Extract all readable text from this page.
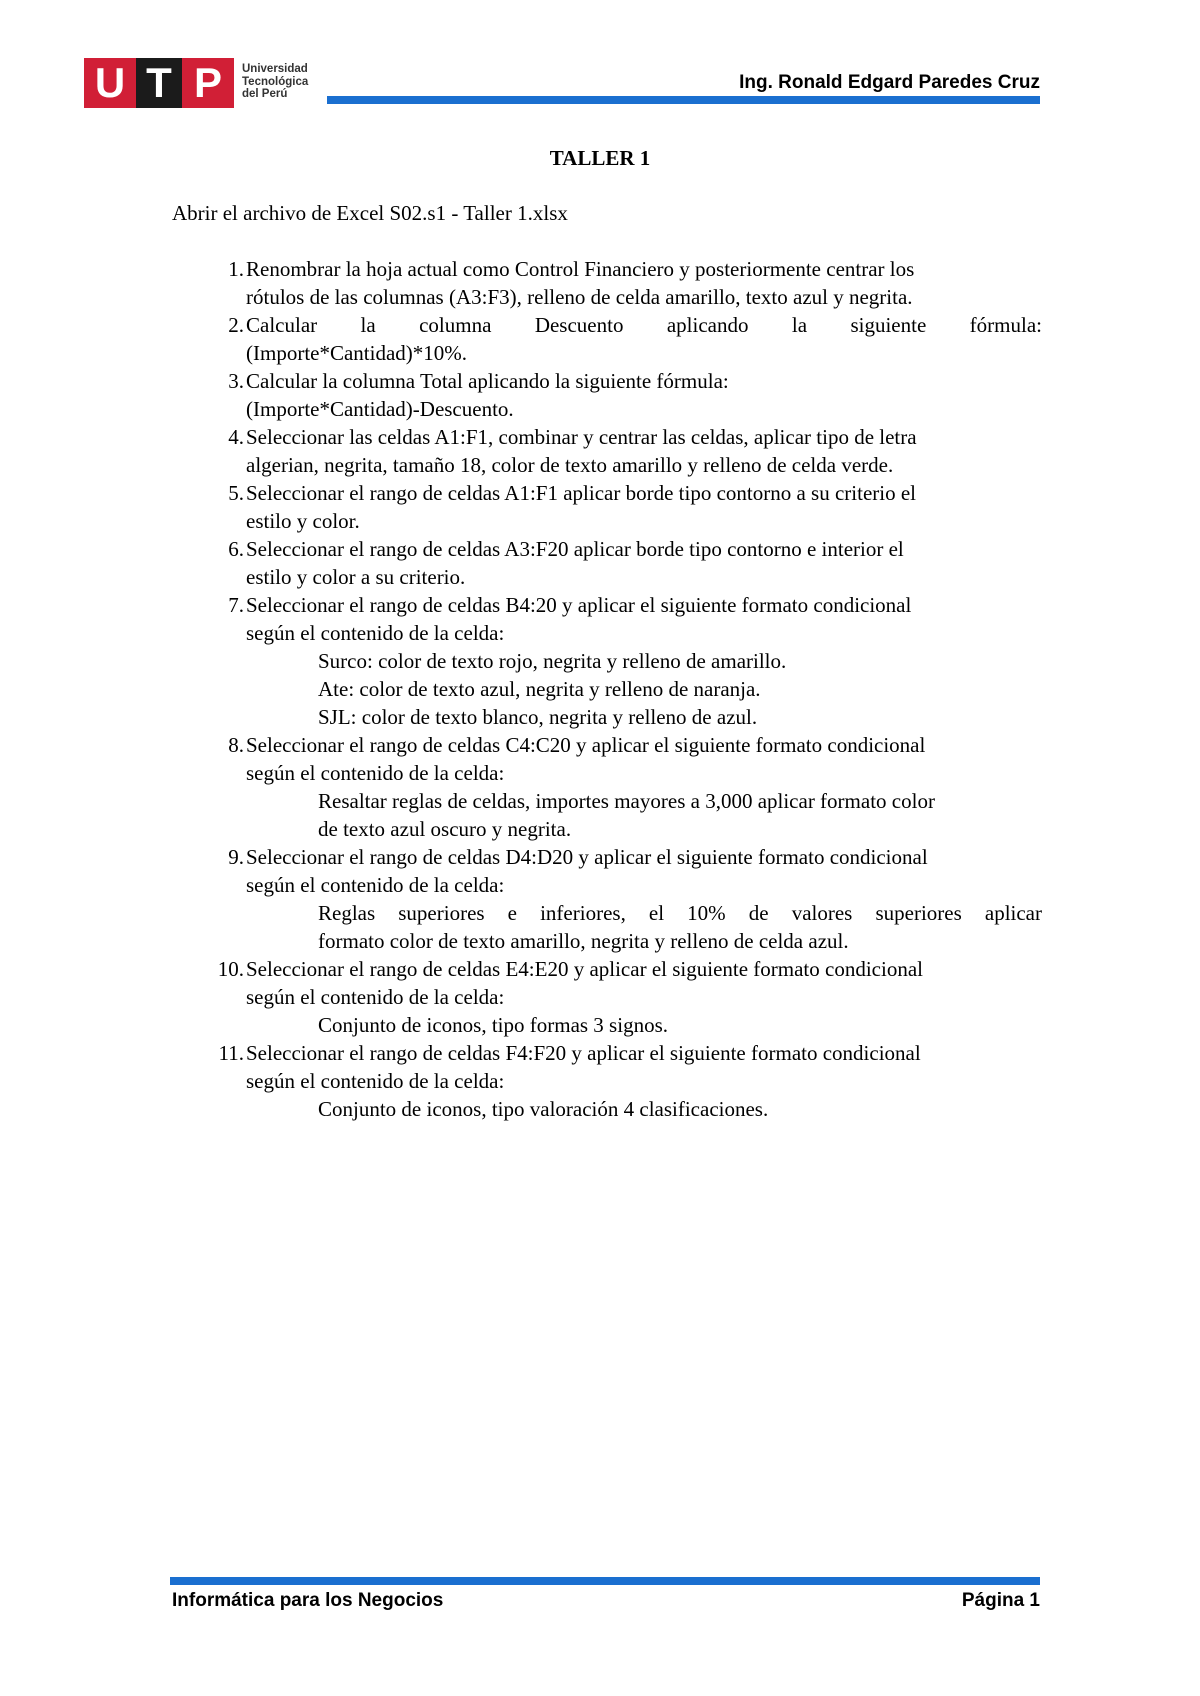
U T P	Universidad
Tecnológica
del Perú
Ing. Ronald Edgard Paredes Cruz
TALLER 1
Abrir el archivo de Excel S02.s1 - Taller 1.xlsx
1. Renombrar la hoja actual como Control Financiero y posteriormente centrar los
rótulos de las columnas (A3:F3), relleno de celda amarillo, texto azul y negrita.
2. Calcular la columna Descuento aplicando la siguiente fórmula:
(Importe*Cantidad)*10%.
3. Calcular la columna Total aplicando la siguiente fórmula:
(Importe*Cantidad)-Descuento.
4. Seleccionar las celdas A1:F1, combinar y centrar las celdas, aplicar tipo de letra
algerian, negrita, tamaño 18, color de texto amarillo y relleno de celda verde.
5. Seleccionar el rango de celdas A1:F1 aplicar borde tipo contorno a su criterio el
estilo y color.
6. Seleccionar el rango de celdas A3:F20 aplicar borde tipo contorno e interior el
estilo y color a su criterio.
7. Seleccionar el rango de celdas B4:20 y aplicar el siguiente formato condicional
según el contenido de la celda:
Surco: color de texto rojo, negrita y relleno de amarillo.
Ate: color de texto azul, negrita y relleno de naranja.
SJL: color de texto blanco, negrita y relleno de azul.
8. Seleccionar el rango de celdas C4:C20 y aplicar el siguiente formato condicional
según el contenido de la celda:
Resaltar reglas de celdas, importes mayores a 3,000 aplicar formato color
de texto azul oscuro y negrita.
9. Seleccionar el rango de celdas D4:D20 y aplicar el siguiente formato condicional
según el contenido de la celda:
Reglas superiores e inferiores, el 10% de valores superiores aplicar
formato color de texto amarillo, negrita y relleno de celda azul.
10. Seleccionar el rango de celdas E4:E20 y aplicar el siguiente formato condicional
según el contenido de la celda:
Conjunto de iconos, tipo formas 3 signos.
11. Seleccionar el rango de celdas F4:F20 y aplicar el siguiente formato condicional
según el contenido de la celda:
Conjunto de iconos, tipo valoración 4 clasificaciones.
Informática para los Negocios	Página 1
